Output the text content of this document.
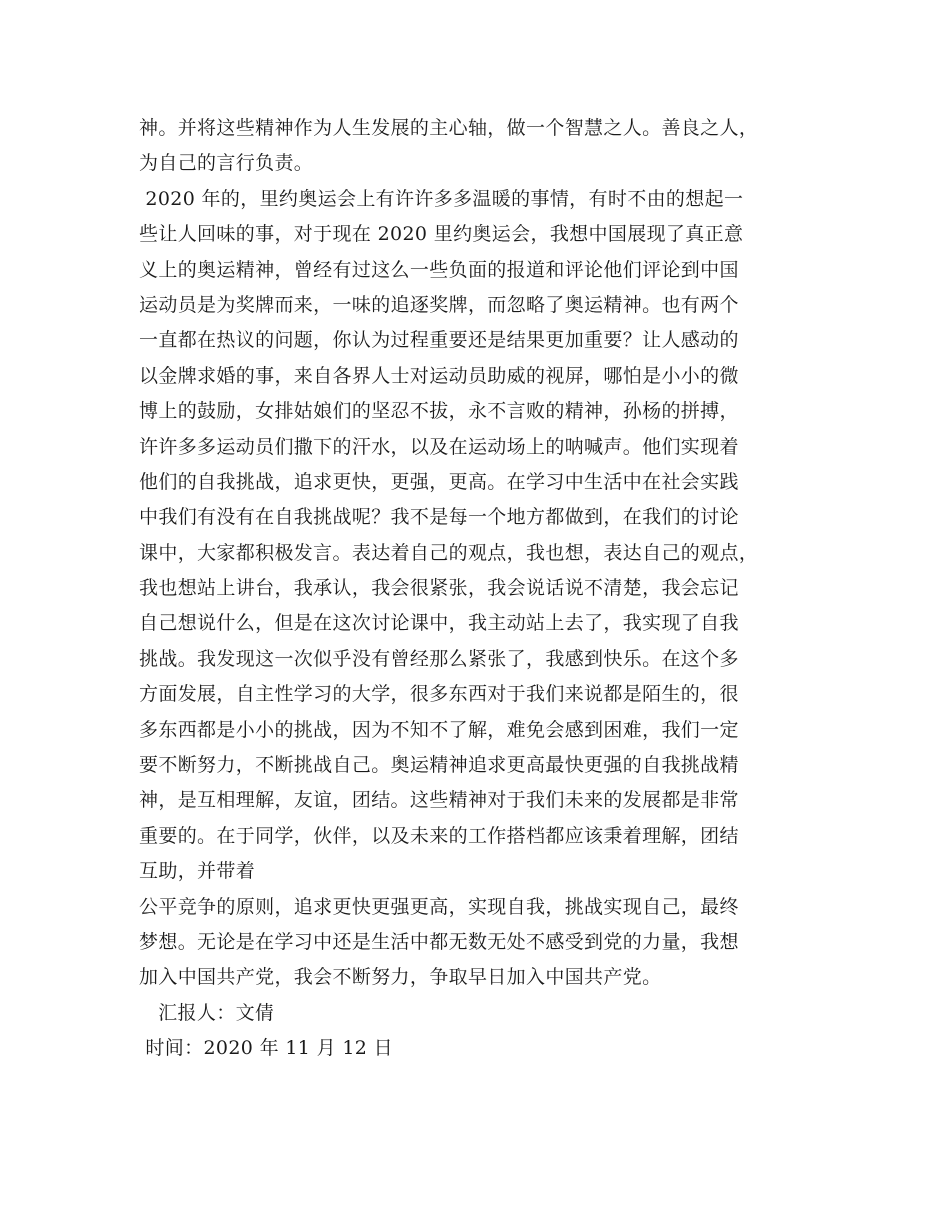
神。并将这些精神作为人生发展的主心轴，做一个智慧之人。善良之人，
为自己的言行负责。
2020 年的，里约奥运会上有许许多多温暖的事情，有时不由的想起一
些让人回味的事，对于现在 2020 里约奥运会，我想中国展现了真正意
义上的奥运精神，曾经有过这么一些负面的报道和评论他们评论到中国
运动员是为奖牌而来，一味的追逐奖牌，而忽略了奥运精神。也有两个
一直都在热议的问题，你认为过程重要还是结果更加重要？让人感动的
以金牌求婚的事，来自各界人士对运动员助威的视屏，哪怕是小小的微
博上的鼓励，女排姑娘们的坚忍不拔，永不言败的精神，孙杨的拼搏，
许许多多运动员们撒下的汗水，以及在运动场上的呐喊声。他们实现着
他们的自我挑战，追求更快，更强，更高。在学习中生活中在社会实践
中我们有没有在自我挑战呢？我不是每一个地方都做到，在我们的讨论
课中，大家都积极发言。表达着自己的观点，我也想，表达自己的观点，
我也想站上讲台，我承认，我会很紧张，我会说话说不清楚，我会忘记
自己想说什么，但是在这次讨论课中，我主动站上去了，我实现了自我
挑战。我发现这一次似乎没有曾经那么紧张了，我感到快乐。在这个多
方面发展，自主性学习的大学，很多东西对于我们来说都是陌生的，很
多东西都是小小的挑战，因为不知不了解，难免会感到困难，我们一定
要不断努力，不断挑战自己。奥运精神追求更高最快更强的自我挑战精
神，是互相理解，友谊，团结。这些精神对于我们未来的发展都是非常
重要的。在于同学，伙伴，以及未来的工作搭档都应该秉着理解，团结
互助，并带着
公平竞争的原则，追求更快更强更高，实现自我，挑战实现自己，最终
梦想。无论是在学习中还是生活中都无数无处不感受到党的力量，我想
加入中国共产党，我会不断努力，争取早日加入中国共产党。
汇报人：文倩
时间：2020 年 11 月 12 日
